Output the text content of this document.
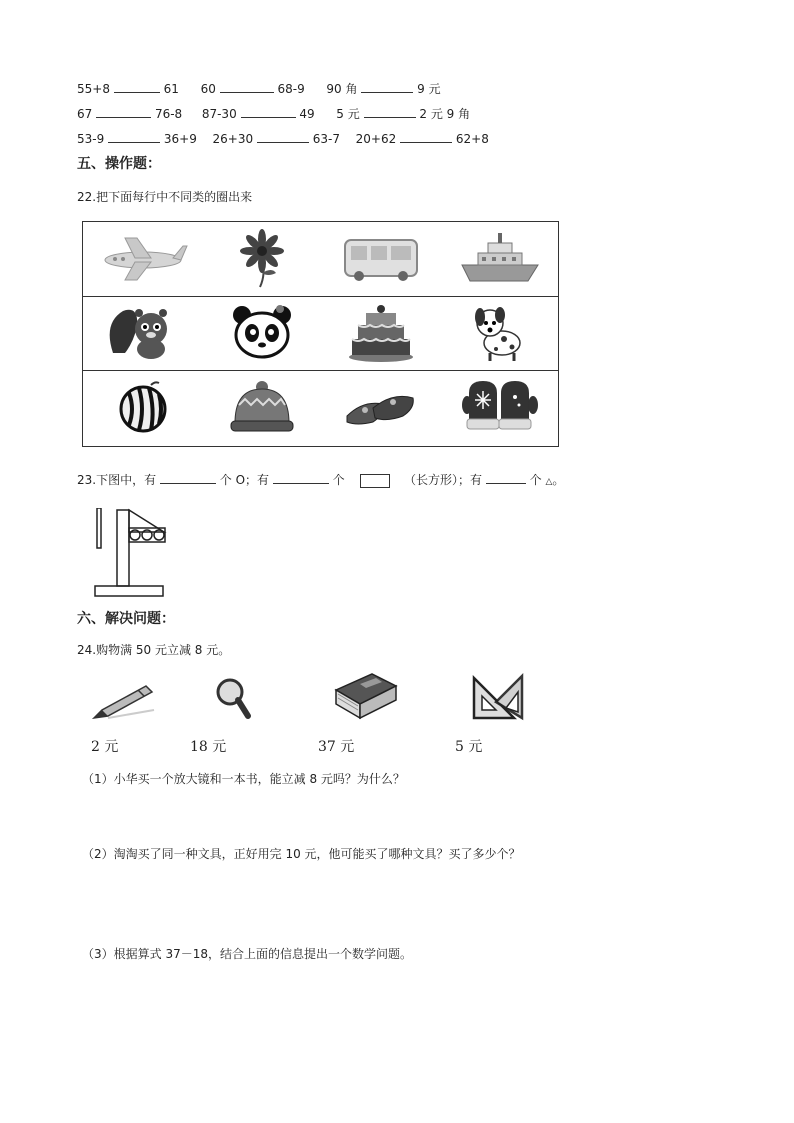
55+8	61 60	68-9 90 角	9 元
67	76-8 87-30	49 5 元	2 元 9 角
53-9	36+9 26+30	63-7 20+62	62+8
五、操作题：
22.把下面每行中不同类的圈出来
23.下图中，有	个 O；有	个	（长方形）；有	个 △。
六、解决问题：
24.购物满 50 元立减 8 元。
2 元	18 元	37 元	5 元
（1）小华买一个放大镜和一本书，能立减 8 元吗？为什么？
（2）淘淘买了同一种文具，正好用完 10 元，他可能买了哪种文具？买了多少个？
（3）根据算式 37－18，结合上面的信息提出一个数学问题。
